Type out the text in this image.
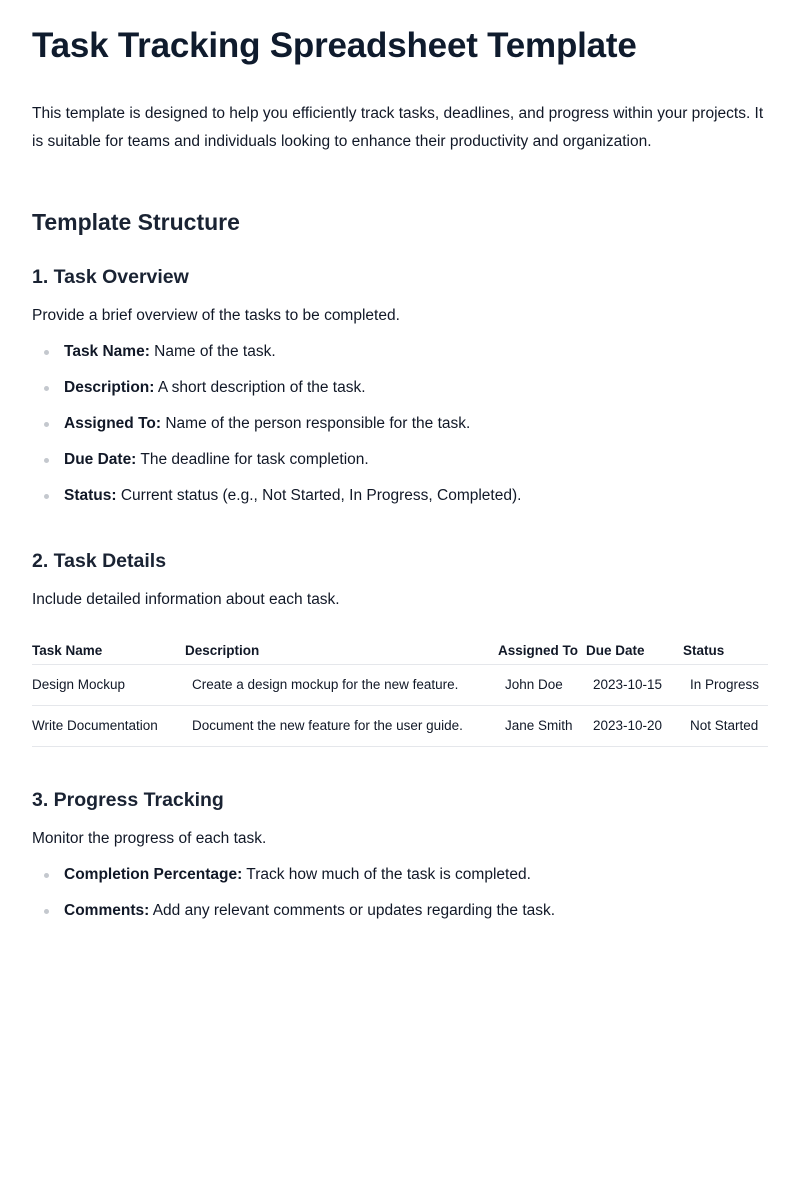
Task Tracking Spreadsheet Template

This template is designed to help you efficiently track tasks, deadlines, and progress within your projects. It is suitable for teams and individuals looking to enhance their productivity and organization.

Template Structure
1. Task Overview

Provide a brief overview of the tasks to be completed.

Task Name: Name of the task.
Description: A short description of the task.
Assigned To: Name of the person responsible for the task.
Due Date: The deadline for task completion.
Status: Current status (e.g., Not Started, In Progress, Completed).
2. Task Details

Include detailed information about each task.

Task Name	Description	Assigned To	Due Date	Status
Design Mockup	Create a design mockup for the new feature.	John Doe	2023-10-15	In Progress
Write Documentation	Document the new feature for the user guide.	Jane Smith	2023-10-20	Not Started
3. Progress Tracking

Monitor the progress of each task.

Completion Percentage: Track how much of the task is completed.
Comments: Add any relevant comments or updates regarding the task.
